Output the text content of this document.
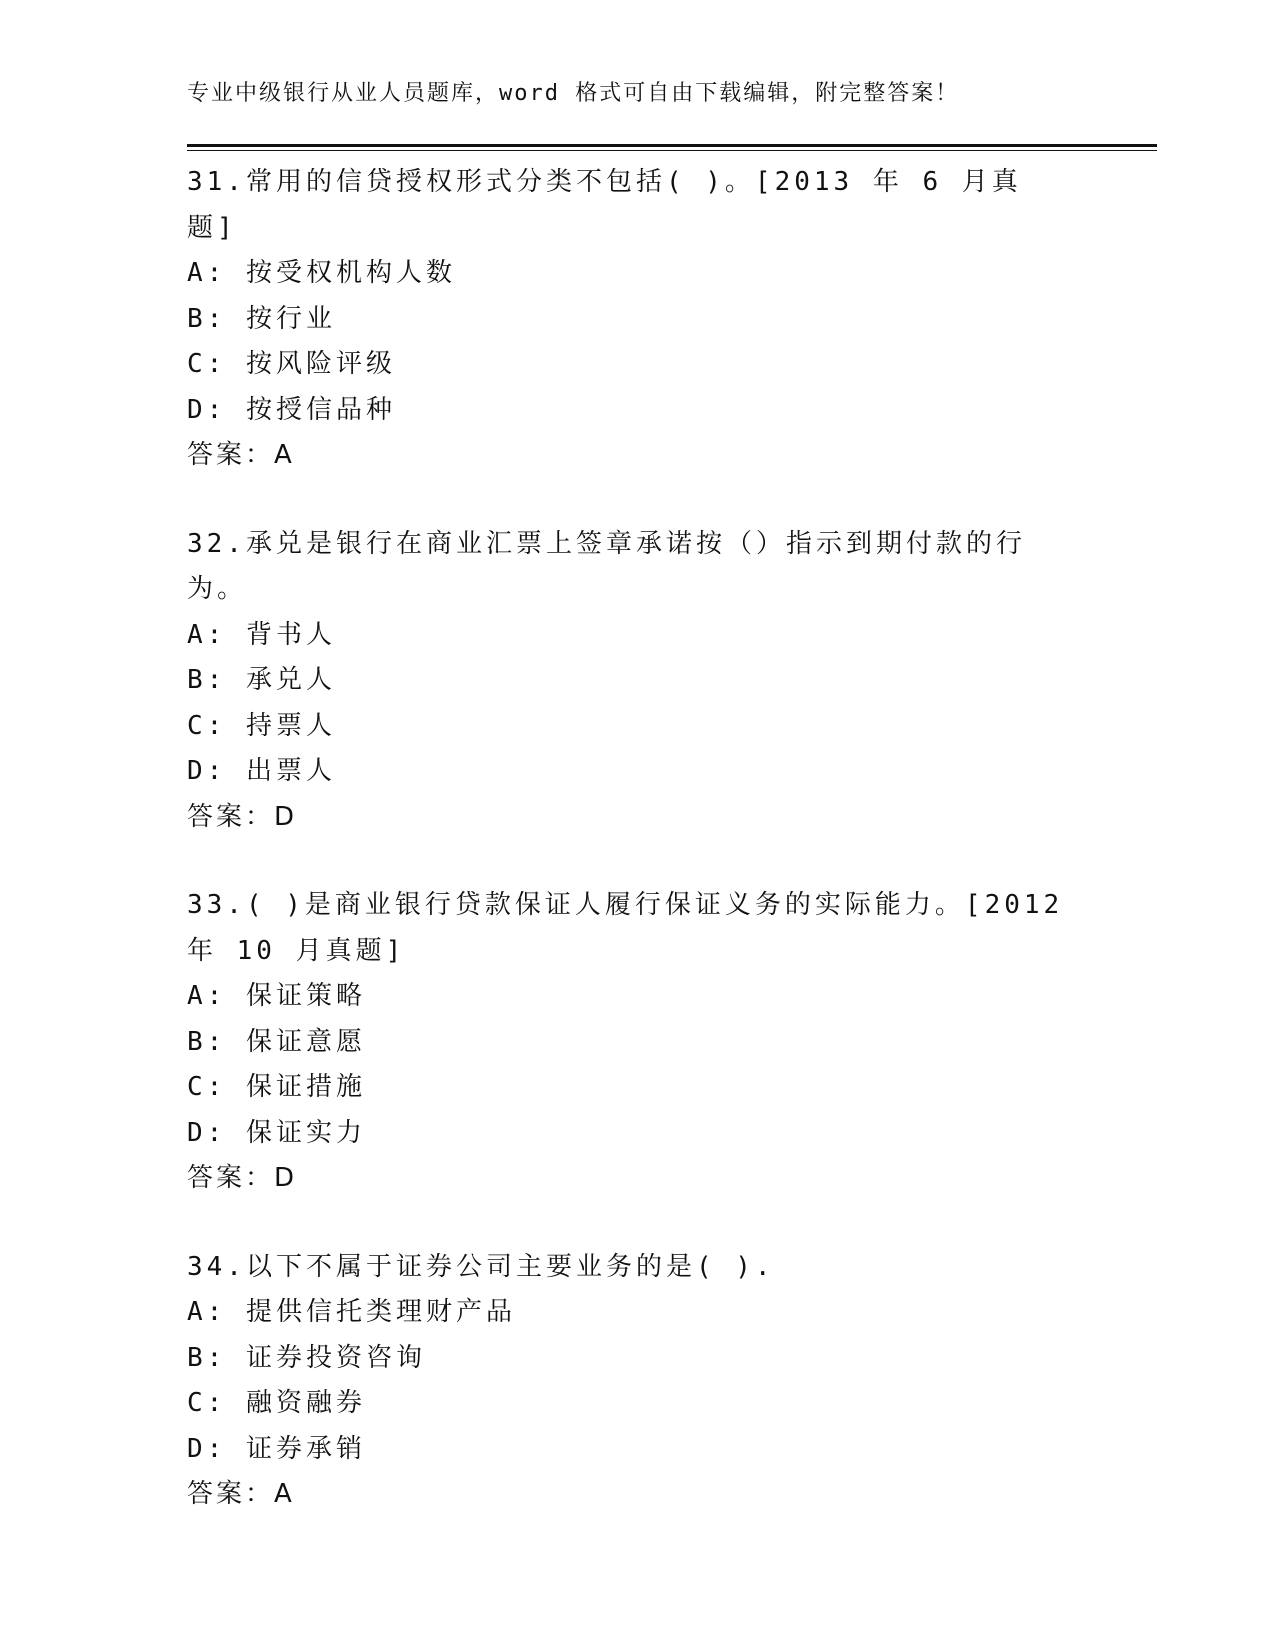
专业中级银行从业人员题库，word 格式可自由下载编辑，附完整答案！
31.常用的信贷授权形式分类不包括( )。[2013 年 6 月真题]
A: 按受权机构人数
B: 按行业
C: 按风险评级
D: 按授信品种
答案：A
32.承兑是银行在商业汇票上签章承诺按（）指示到期付款的行为。
A: 背书人
B: 承兑人
C: 持票人
D: 出票人
答案：D
33.( )是商业银行贷款保证人履行保证义务的实际能力。[2012 年 10 月真题]
A: 保证策略
B: 保证意愿
C: 保证措施
D: 保证实力
答案：D
34.以下不属于证券公司主要业务的是( ).
A: 提供信托类理财产品
B: 证券投资咨询
C: 融资融券
D: 证券承销
答案：A
